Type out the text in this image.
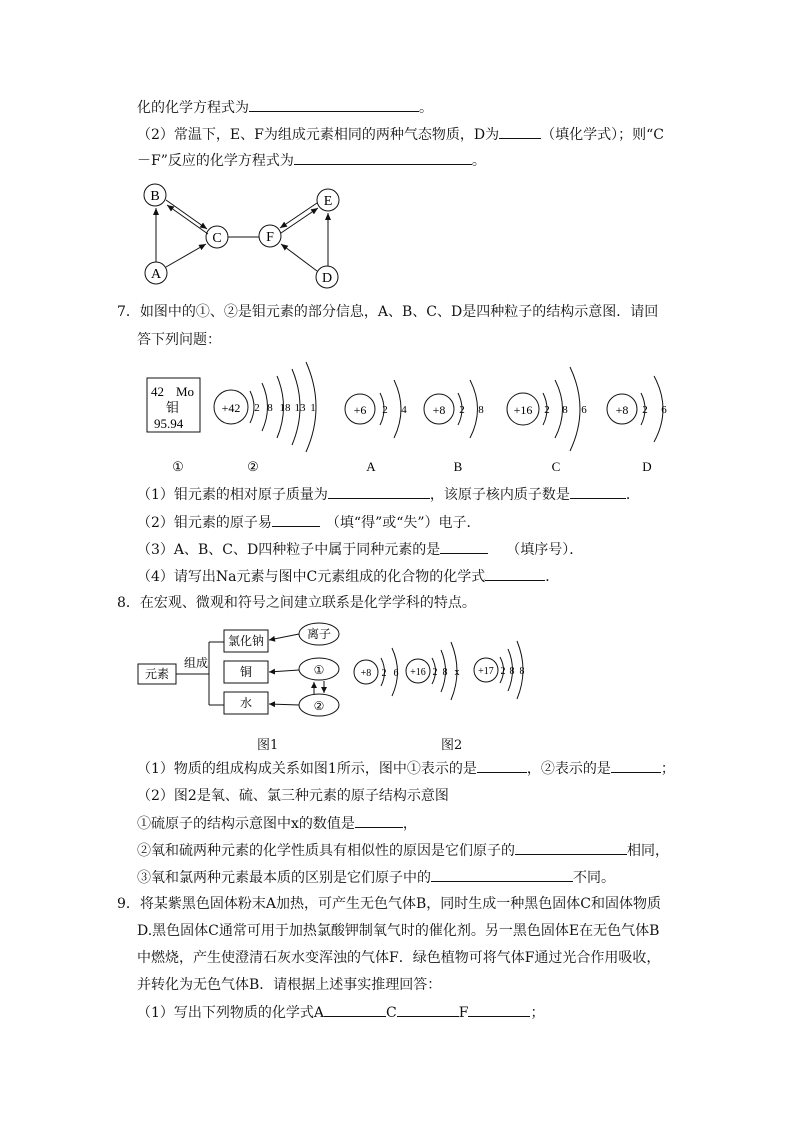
化的化学方程式为	。
（2）常温下，E、F为组成元素相同的两种气态物质，D为	（填化学式）；则“C
－F”反应的化学方程式为	。
B
C
A
F
E
D
7．如图中的①、②是钼元素的部分信息，A、B、C、D是四种粒子的结构示意图．请回
答下列问题：
42 Mo
钼
95.94
+42 2 8 18 13 1	+6 2 4 +8 2 8 +16 2 8 6 +8 2 6
①	②	A	B	C	D
（1）钼元素的相对原子质量为	，该原子核内质子数是	．
（2）钼元素的原子易	（填“得”或“失”）电子．
（3）A、B、C、D四种粒子中属于同种元素的是	（填序号）．
（4）请写出Na元素与图中C元素组成的化合物的化学式	．
8．在宏观、微观和符号之间建立联系是化学学科的特点。
元素
组成
氯化钠
铜
水
离子
①
②
+8 2 6 +16 2 8 x +17 2 8 8
图1	图2
（1）物质的组成构成关系如图1所示，图中①表示的是	，②表示的是	；
（2）图2是氧、硫、氯三种元素的原子结构示意图
①硫原子的结构示意图中x的数值是	，
②氧和硫两种元素的化学性质具有相似性的原因是它们原子的	相同，
③氧和氯两种元素最本质的区别是它们原子中的	不同。
9．将某紫黑色固体粉末A加热，可产生无色气体B，同时生成一种黑色固体C和固体物质
D.黑色固体C通常可用于加热氯酸钾制氧气时的催化剂。另一黑色固体E在无色气体B
中燃烧，产生使澄清石灰水变浑浊的气体F．绿色植物可将气体F通过光合作用吸收，
并转化为无色气体B．请根据上述事实推理回答：
（1）写出下列物质的化学式A	C	F	；
